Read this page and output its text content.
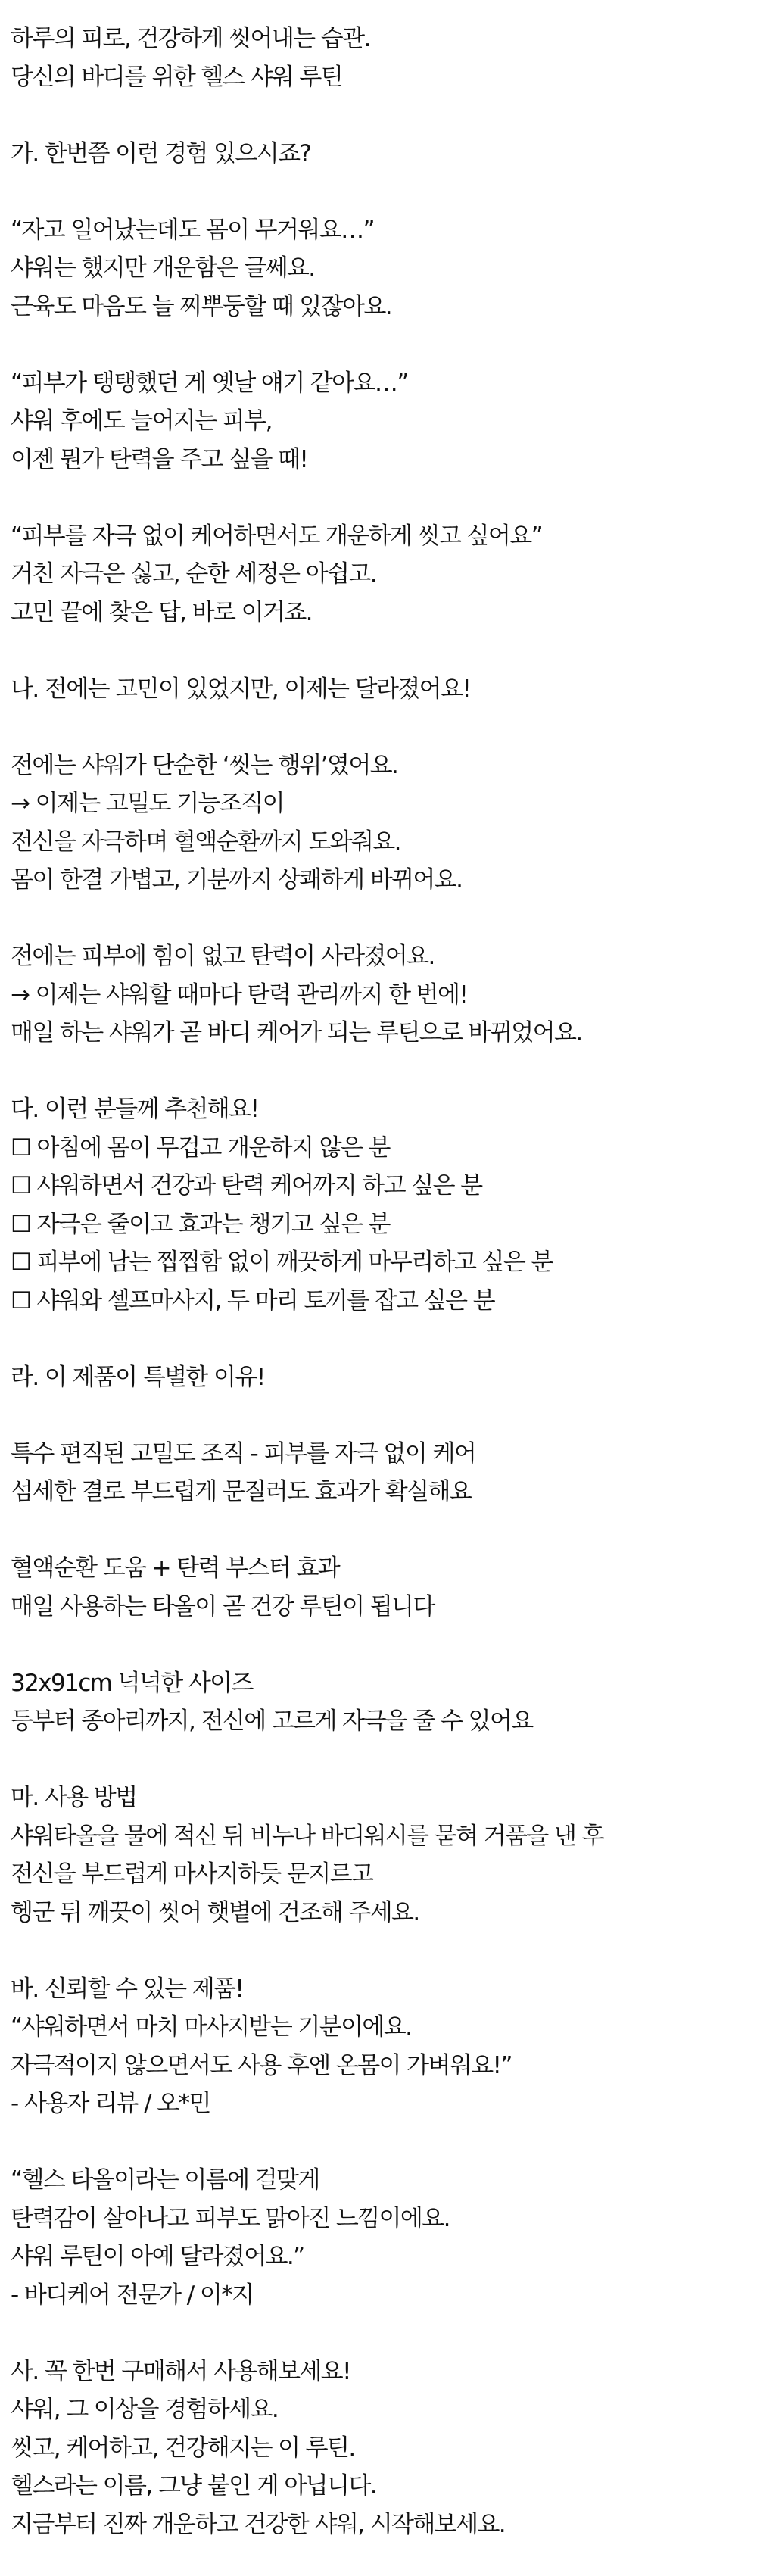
하루의 피로, 건강하게 씻어내는 습관.
당신의 바디를 위한 헬스 샤워 루틴
가. 한번쯤 이런 경험 있으시죠?
“자고 일어났는데도 몸이 무거워요…”
샤워는 했지만 개운함은 글쎄요.
근육도 마음도 늘 찌뿌둥할 때 있잖아요.
“피부가 탱탱했던 게 옛날 얘기 같아요…”
샤워 후에도 늘어지는 피부,
이젠 뭔가 탄력을 주고 싶을 때!
“피부를 자극 없이 케어하면서도 개운하게 씻고 싶어요”
거친 자극은 싫고, 순한 세정은 아쉽고.
고민 끝에 찾은 답, 바로 이거죠.
나. 전에는 고민이 있었지만, 이제는 달라졌어요!
전에는 샤워가 단순한 ‘씻는 행위’였어요.
→ 이제는 고밀도 기능조직이
전신을 자극하며 혈액순환까지 도와줘요.
몸이 한결 가볍고, 기분까지 상쾌하게 바뀌어요.
전에는 피부에 힘이 없고 탄력이 사라졌어요.
→ 이제는 샤워할 때마다 탄력 관리까지 한 번에!
매일 하는 샤워가 곧 바디 케어가 되는 루틴으로 바뀌었어요.
다. 이런 분들께 추천해요!
☐ 아침에 몸이 무겁고 개운하지 않은 분
☐ 샤워하면서 건강과 탄력 케어까지 하고 싶은 분
☐ 자극은 줄이고 효과는 챙기고 싶은 분
☐ 피부에 남는 찝찝함 없이 깨끗하게 마무리하고 싶은 분
☐ 샤워와 셀프마사지, 두 마리 토끼를 잡고 싶은 분
라. 이 제품이 특별한 이유!
특수 편직된 고밀도 조직 - 피부를 자극 없이 케어
섬세한 결로 부드럽게 문질러도 효과가 확실해요
혈액순환 도움 + 탄력 부스터 효과
매일 사용하는 타올이 곧 건강 루틴이 됩니다
32x91cm 넉넉한 사이즈
등부터 종아리까지, 전신에 고르게 자극을 줄 수 있어요
마. 사용 방법
샤워타올을 물에 적신 뒤 비누나 바디워시를 묻혀 거품을 낸 후
전신을 부드럽게 마사지하듯 문지르고
헹군 뒤 깨끗이 씻어 햇볕에 건조해 주세요.
바. 신뢰할 수 있는 제품!
“샤워하면서 마치 마사지받는 기분이에요.
자극적이지 않으면서도 사용 후엔 온몸이 가벼워요!”
- 사용자 리뷰 / 오*민
“헬스 타올이라는 이름에 걸맞게
탄력감이 살아나고 피부도 맑아진 느낌이에요.
샤워 루틴이 아예 달라졌어요.”
- 바디케어 전문가 / 이*지
사. 꼭 한번 구매해서 사용해보세요!
샤워, 그 이상을 경험하세요.
씻고, 케어하고, 건강해지는 이 루틴.
헬스라는 이름, 그냥 붙인 게 아닙니다.
지금부터 진짜 개운하고 건강한 샤워, 시작해보세요.
